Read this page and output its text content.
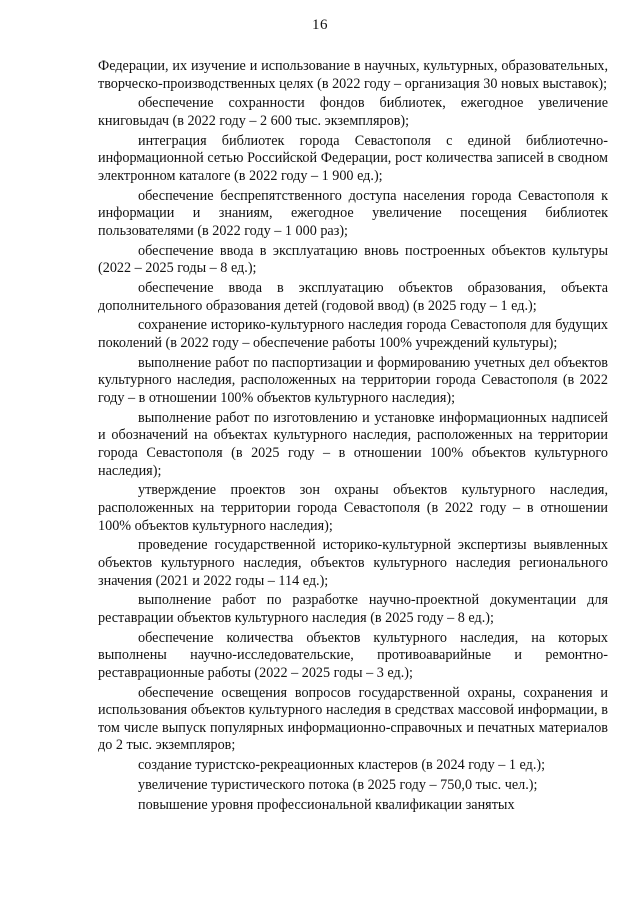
16

Федерации, их изучение и использование в научных, культурных, образовательных, творческо-производственных целях (в 2022 году – организация 30 новых выставок);

обеспечение сохранности фондов библиотек, ежегодное увеличение книговыдач (в 2022 году – 2 600 тыс. экземпляров);

интеграция библиотек города Севастополя с единой библиотечно-информационной сетью Российской Федерации, рост количества записей в сводном электронном каталоге (в 2022 году – 1 900 ед.);

обеспечение беспрепятственного доступа населения города Севастополя к информации и знаниям, ежегодное увеличение посещения библиотек пользователями (в 2022 году – 1 000 раз);

обеспечение ввода в эксплуатацию вновь построенных объектов культуры (2022 – 2025 годы – 8 ед.);

обеспечение ввода в эксплуатацию объектов образования, объекта дополнительного образования детей (годовой ввод) (в 2025 году – 1 ед.);

сохранение историко-культурного наследия города Севастополя для будущих поколений (в 2022 году – обеспечение работы 100% учреждений культуры);

выполнение работ по паспортизации и формированию учетных дел объектов культурного наследия, расположенных на территории города Севастополя (в 2022 году – в отношении 100% объектов культурного наследия);

выполнение работ по изготовлению и установке информационных надписей и обозначений на объектах культурного наследия, расположенных на территории города Севастополя (в 2025 году – в отношении 100% объектов культурного наследия);

утверждение проектов зон охраны объектов культурного наследия, расположенных на территории города Севастополя (в 2022 году – в отношении 100% объектов культурного наследия);

проведение государственной историко-культурной экспертизы выявленных объектов культурного наследия, объектов культурного наследия регионального значения (2021 и 2022 годы – 114 ед.);

выполнение работ по разработке научно-проектной документации для реставрации объектов культурного наследия (в 2025 году – 8 ед.);

обеспечение количества объектов культурного наследия, на которых выполнены научно-исследовательские, противоаварийные и ремонтно-реставрационные работы (2022 – 2025 годы – 3 ед.);

обеспечение освещения вопросов государственной охраны, сохранения и использования объектов культурного наследия в средствах массовой информации, в том числе выпуск популярных информационно-справочных и печатных материалов до 2 тыс. экземпляров;

создание туристско-рекреационных кластеров (в 2024 году – 1 ед.);

увеличение туристического потока (в 2025 году – 750,0 тыс. чел.);

повышение уровня профессиональной квалификации занятых
